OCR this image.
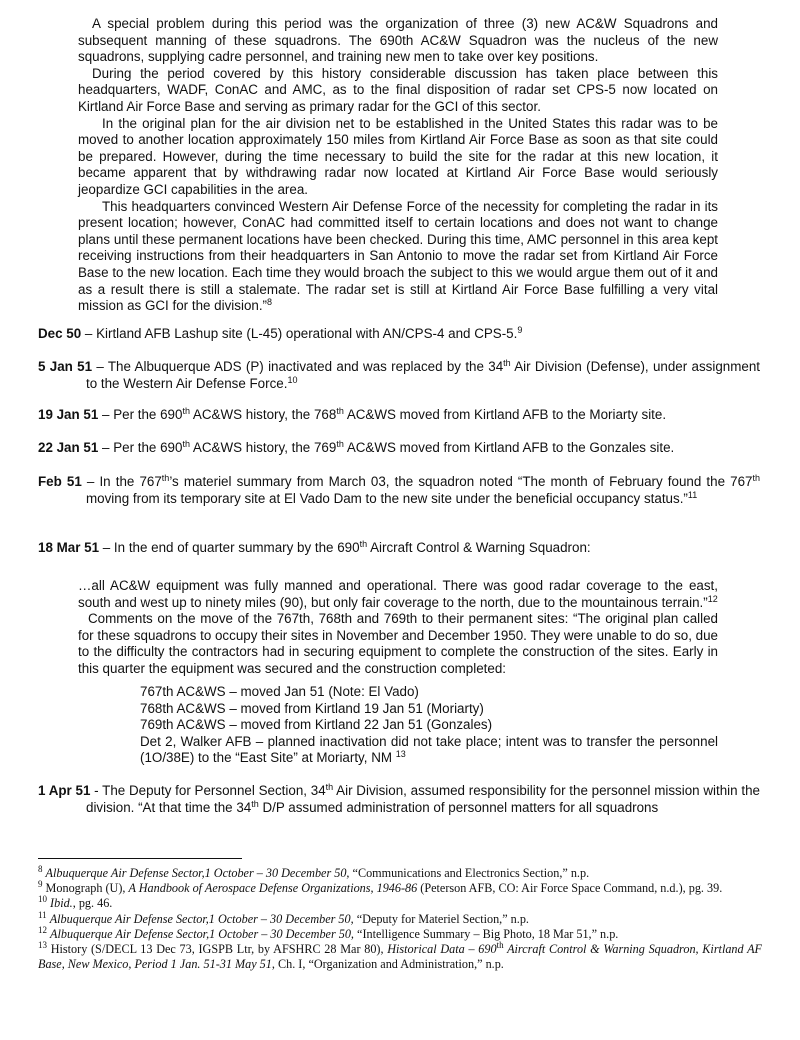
A special problem during this period was the organization of three (3) new AC&W Squadrons and subsequent manning of these squadrons. The 690th AC&W Squadron was the nucleus of the new squadrons, supplying cadre personnel, and training new men to take over key positions.

During the period covered by this history considerable discussion has taken place between this headquarters, WADF, ConAC and AMC, as to the final disposition of radar set CPS-5 now located on Kirtland Air Force Base and serving as primary radar for the GCI of this sector.

In the original plan for the air division net to be established in the United States this radar was to be moved to another location approximately 150 miles from Kirtland Air Force Base as soon as that site could be prepared. However, during the time necessary to build the site for the radar at this new location, it became apparent that by withdrawing radar now located at Kirtland Air Force Base would seriously jeopardize GCI capabilities in the area.

This headquarters convinced Western Air Defense Force of the necessity for completing the radar in its present location; however, ConAC had committed itself to certain locations and does not want to change plans until these permanent locations have been checked. During this time, AMC personnel in this area kept receiving instructions from their headquarters in San Antonio to move the radar set from Kirtland Air Force Base to the new location. Each time they would broach the subject to this we would argue them out of it and as a result there is still a stalemate. The radar set is still at Kirtland Air Force Base fulfilling a very vital mission as GCI for the division.”$^8$

Dec 50 – Kirtland AFB Lashup site (L-45) operational with AN/CPS-4 and CPS-5.$^9$

5 Jan 51 – The Albuquerque ADS (P) inactivated and was replaced by the 34th Air Division (Defense), under assignment to the Western Air Defense Force.$^{10}$

19 Jan 51 – Per the 690th AC&WS history, the 768th AC&WS moved from Kirtland AFB to the Moriarty site.

22 Jan 51 – Per the 690th AC&WS history, the 769th AC&WS moved from Kirtland AFB to the Gonzales site.

Feb 51 – In the 767th’s materiel summary from March 03, the squadron noted “The month of February found the 767th moving from its temporary site at El Vado Dam to the new site under the beneficial occupancy status.”$^{11}$

18 Mar 51 – In the end of quarter summary by the 690th Aircraft Control & Warning Squadron:

…all AC&W equipment was fully manned and operational. There was good radar coverage to the east, south and west up to ninety miles (90), but only fair coverage to the north, due to the mountainous terrain.”$^{12}$

Comments on the move of the 767th, 768th and 769th to their permanent sites: “The original plan called for these squadrons to occupy their sites in November and December 1950. They were unable to do so, due to the difficulty the contractors had in securing equipment to complete the construction of the sites. Early in this quarter the equipment was secured and the construction completed:

767th AC&WS – moved Jan 51 (Note: El Vado)

768th AC&WS – moved from Kirtland 19 Jan 51 (Moriarty)

769th AC&WS – moved from Kirtland 22 Jan 51 (Gonzales)

Det 2, Walker AFB – planned inactivation did not take place; intent was to transfer the personnel (1O/38E) to the “East Site” at Moriarty, NM $^{13}$

1 Apr 51 - The Deputy for Personnel Section, 34th Air Division, assumed responsibility for the personnel mission within the division. “At that time the 34th D/P assumed administration of personnel matters for all squadrons

$^8$ Albuquerque Air Defense Sector,1 October – 30 December 50, “Communications and Electronics Section,” n.p.

$^9$ Monograph (U), A Handbook of Aerospace Defense Organizations, 1946-86 (Peterson AFB, CO: Air Force Space Command, n.d.), pg. 39.

$^{10}$ Ibid., pg. 46.

$^{11}$ Albuquerque Air Defense Sector,1 October – 30 December 50, “Deputy for Materiel Section,” n.p.

$^{12}$ Albuquerque Air Defense Sector,1 October – 30 December 50, “Intelligence Summary – Big Photo, 18 Mar 51,” n.p.

$^{13}$ History (S/DECL 13 Dec 73, IGSPB Ltr, by AFSHRC 28 Mar 80), Historical Data – 690th Aircraft Control & Warning Squadron, Kirtland AF Base, New Mexico, Period 1 Jan. 51-31 May 51, Ch. I, “Organization and Administration,” n.p.
